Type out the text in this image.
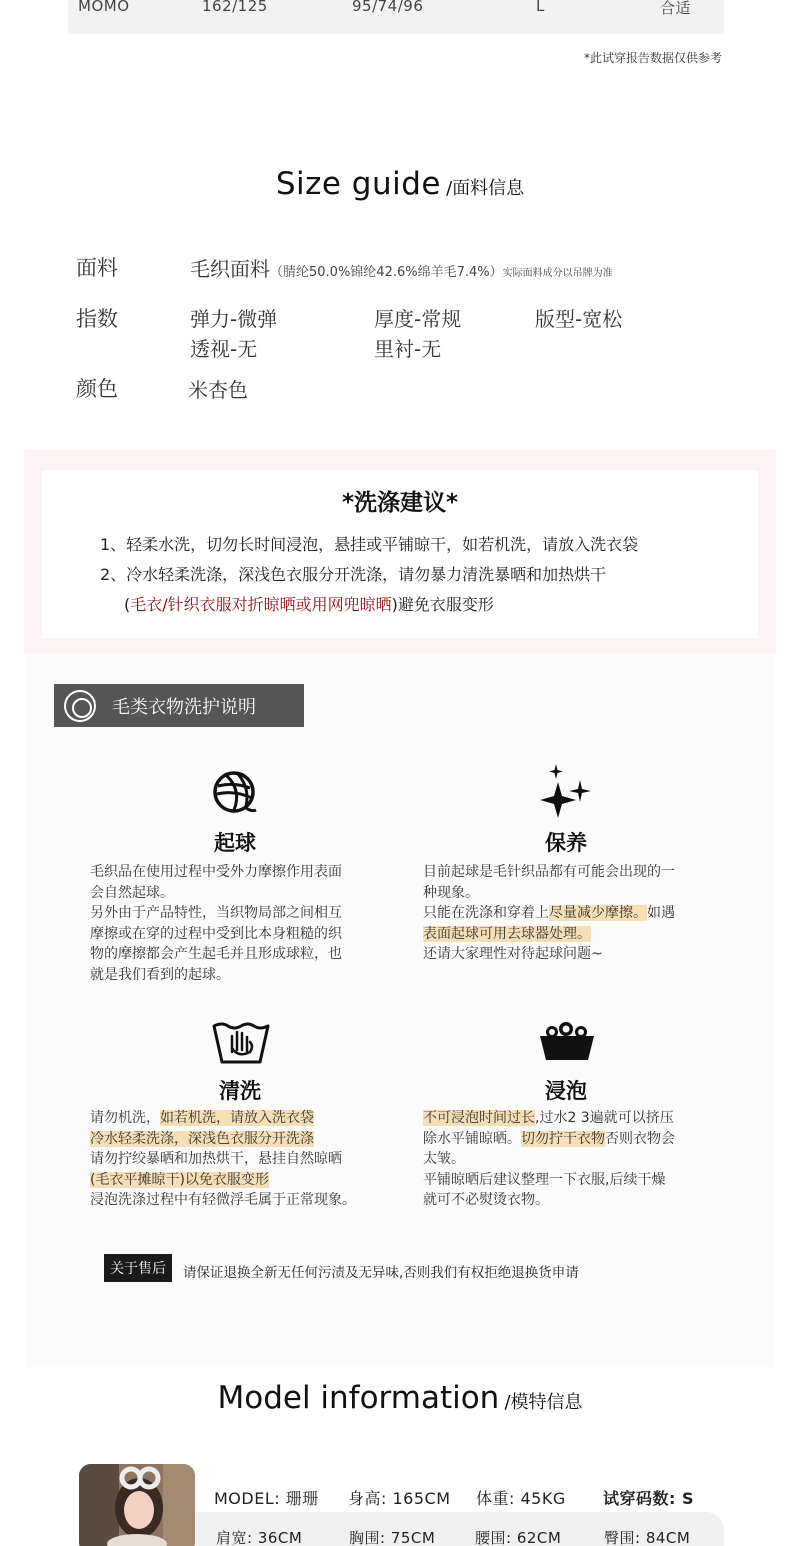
MOMO	162/125	95/74/96	L	合适
*此试穿报告数据仅供参考
Size guide /面料信息
面料	毛织面料（腈纶50.0%锦纶42.6%绵羊毛7.4%）实际面料成分以吊牌为准
指数	弹力-微弹	厚度-常规	版型-宽松
透视-无	里衬-无
颜色	米杏色
*洗涤建议*
1、轻柔水洗，切勿长时间浸泡，悬挂或平铺晾干，如若机洗，请放入洗衣袋
2、冷水轻柔洗涤，深浅色衣服分开洗涤，请勿暴力清洗暴晒和加热烘干
(毛衣/针织衣服对折晾晒或用网兜晾晒)避免衣服变形
毛类衣物洗护说明
起球
毛织品在使用过程中受外力摩擦作用表面
会自然起球。
另外由于产品特性，当织物局部之间相互
摩擦或在穿的过程中受到比本身粗糙的织
物的摩擦都会产生起毛并且形成球粒，也
就是我们看到的起球。
保养
目前起球是毛针织品都有可能会出现的一
种现象。
只能在洗涤和穿着上尽量减少摩擦。如遇
表面起球可用去球器处理。
还请大家理性对待起球问题~
清洗
请勿机洗，如若机洗，请放入洗衣袋
冷水轻柔洗涤，深浅色衣服分开洗涤
请勿拧绞暴晒和加热烘干，悬挂自然晾晒
(毛衣平摊晾干)以免衣服变形
浸泡洗涤过程中有轻微浮毛属于正常现象。
浸泡
不可浸泡时间过长,过水2 3遍就可以挤压
除水平铺晾晒。切勿拧干衣物否则衣物会
太皱。
平铺晾晒后建议整理一下衣服,后续干燥
就可不必熨烫衣物。
关于售后	请保证退换全新无任何污渍及无异味,否则我们有权拒绝退换货申请
Model information /模特信息
MODEL: 珊珊 身高: 165CM 体重: 45KG 试穿码数: S
肩宽: 36CM	胸围: 75CM	腰围: 62CM	臀围: 84CM
